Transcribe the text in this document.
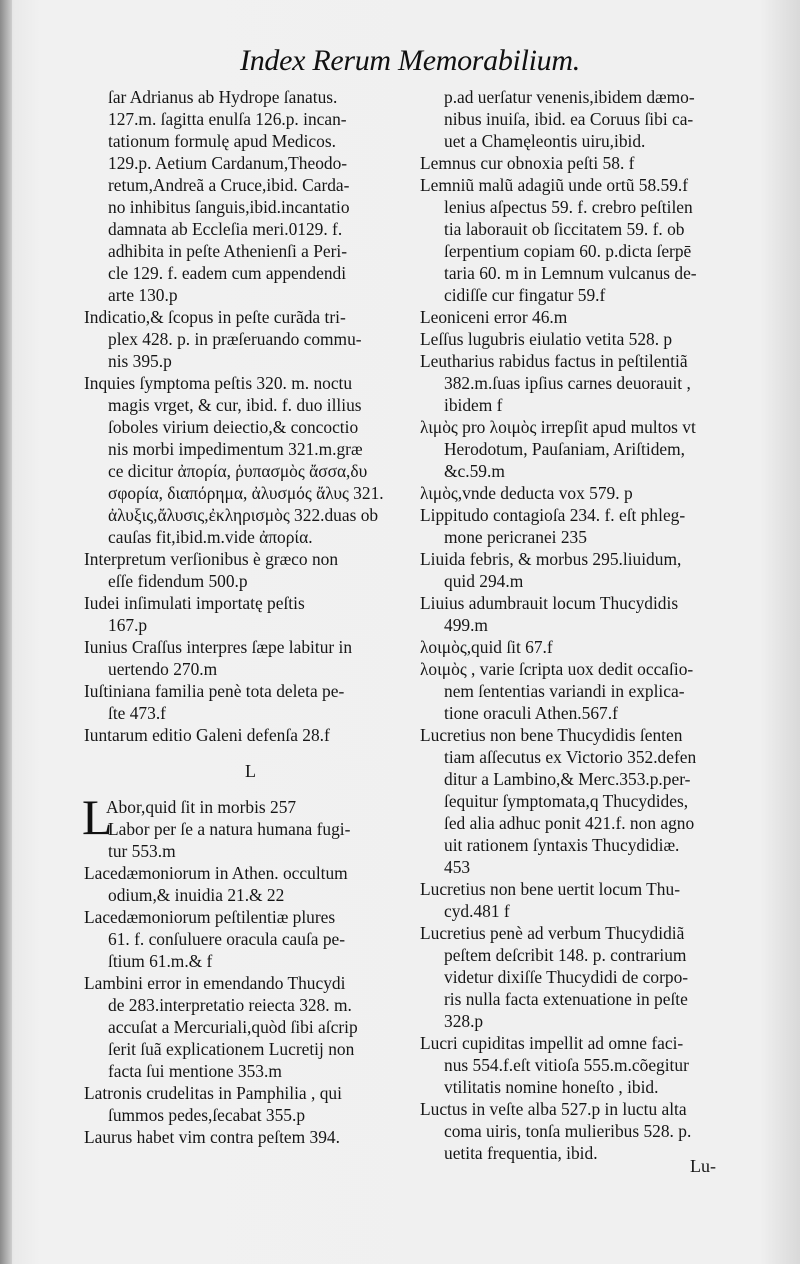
Index Rerum Memorabilium.
ſar Adrianus ab Hydrope ſanatus.
127.m. ſagitta enulſa 126.p. incan-
tationum formulę apud Medicos.
129.p. Aetium Cardanum,Theodo-
retum,Andreã a Cruce,ibid. Carda-
no inhibitus ſanguis,ibid.incantatio
damnata ab Eccleſia meri.0129. f.
adhibita in peſte Athenienſi a Peri-
cle 129. f. eadem cum appendendi
arte 130.p
Indicatio,& ſcopus in peſte curãda tri-
plex 428. p. in præſeruando commu-
nis 395.p
Inquies ſymptoma peſtis 320. m. noctu
magis vrget, & cur, ibid. f. duo illius
ſoboles virium deiectio,& concoctio
nis morbi impedimentum 321.m.græ
ce dicitur ἀπορία, ῥυπασμὸς ἄσσα,δυ
σφορία, διαπόρημα, ἀλυσμός ἄλυς 321.
ἀλυξις,ἄλυσις,ἐκληρισμὸς 322.duas ob
cauſas fit,ibid.m.vide ἀπορία.
Interpretum verſionibus è græco non
eſſe fidendum 500.p
Iudei inſimulati importatę peſtis
167.p
Iunius Craſſus interpres ſæpe labitur in
uertendo 270.m
Iuſtiniana familia penè tota deleta pe-
ſte 473.f
Iuntarum editio Galeni defenſa 28.f
L
L
Abor,quid ſit in morbis 257
Labor per ſe a natura humana fugi-
tur 553.m
Lacedæmoniorum in Athen. occultum
odium,& inuidia 21.& 22
Lacedæmoniorum peſtilentiæ plures
61. f. conſuluere oracula cauſa pe-
ſtium 61.m.& f
Lambini error in emendando Thucydi
de 283.interpretatio reiecta 328. m.
accuſat a Mercuriali,quòd ſibi aſcrip
ſerit ſuã explicationem Lucretij non
facta ſui mentione 353.m
Latronis crudelitas in Pamphilia , qui
ſummos pedes,ſecabat 355.p
Laurus habet vim contra peſtem 394.
p.ad uerſatur venenis,ibidem dæmo-
nibus inuiſa, ibid. ea Coruus ſibi ca-
uet a Chamęleontis uiru,ibid.
Lemnus cur obnoxia peſti 58. f
Lemniũ malũ adagiũ unde ortũ 58.59.f
lenius aſpectus 59. f. crebro peſtilen
tia laborauit ob ſiccitatem 59. f. ob
ſerpentium copiam 60. p.dicta ſerpē
taria 60. m in Lemnum vulcanus de-
cidiſſe cur fingatur 59.f
Leoniceni error 46.m
Leſſus lugubris eiulatio vetita 528. p
Leutharius rabidus factus in peſtilentiã
382.m.ſuas ipſius carnes deuorauit ,
ibidem f
λιμὸς pro λοιμὸς irrepſit apud multos vt
Herodotum, Pauſaniam, Ariſtidem,
&c.59.m
λιμὸς,vnde deducta vox 579. p
Lippitudo contagioſa 234. f. eſt phleg-
mone pericranei 235
Liuida febris, & morbus 295.liuidum,
quid 294.m
Liuius adumbrauit locum Thucydidis
499.m
λοιμὸς,quid ſit 67.f
λοιμὸς , varie ſcripta uox dedit occaſio-
nem ſententias variandi in explica-
tione oraculi Athen.567.f
Lucretius non bene Thucydidis ſenten
tiam aſſecutus ex Victorio 352.defen
ditur a Lambino,& Merc.353.p.per-
ſequitur ſymptomata,q Thucydides,
ſed alia adhuc ponit 421.f. non agno
uit rationem ſyntaxis Thucydidiæ.
453
Lucretius non bene uertit locum Thu-
cyd.481 f
Lucretius penè ad verbum Thucydidiã
peſtem deſcribit 148. p. contrarium
videtur dixiſſe Thucydidi de corpo-
ris nulla facta extenuatione in peſte
328.p
Lucri cupiditas impellit ad omne faci-
nus 554.f.eſt vitioſa 555.m.cõegitur
vtilitatis nomine honeſto , ibid.
Luctus in veſte alba 527.p in luctu alta
coma uiris, tonſa mulieribus 528. p.
uetita frequentia, ibid.
Lu-
